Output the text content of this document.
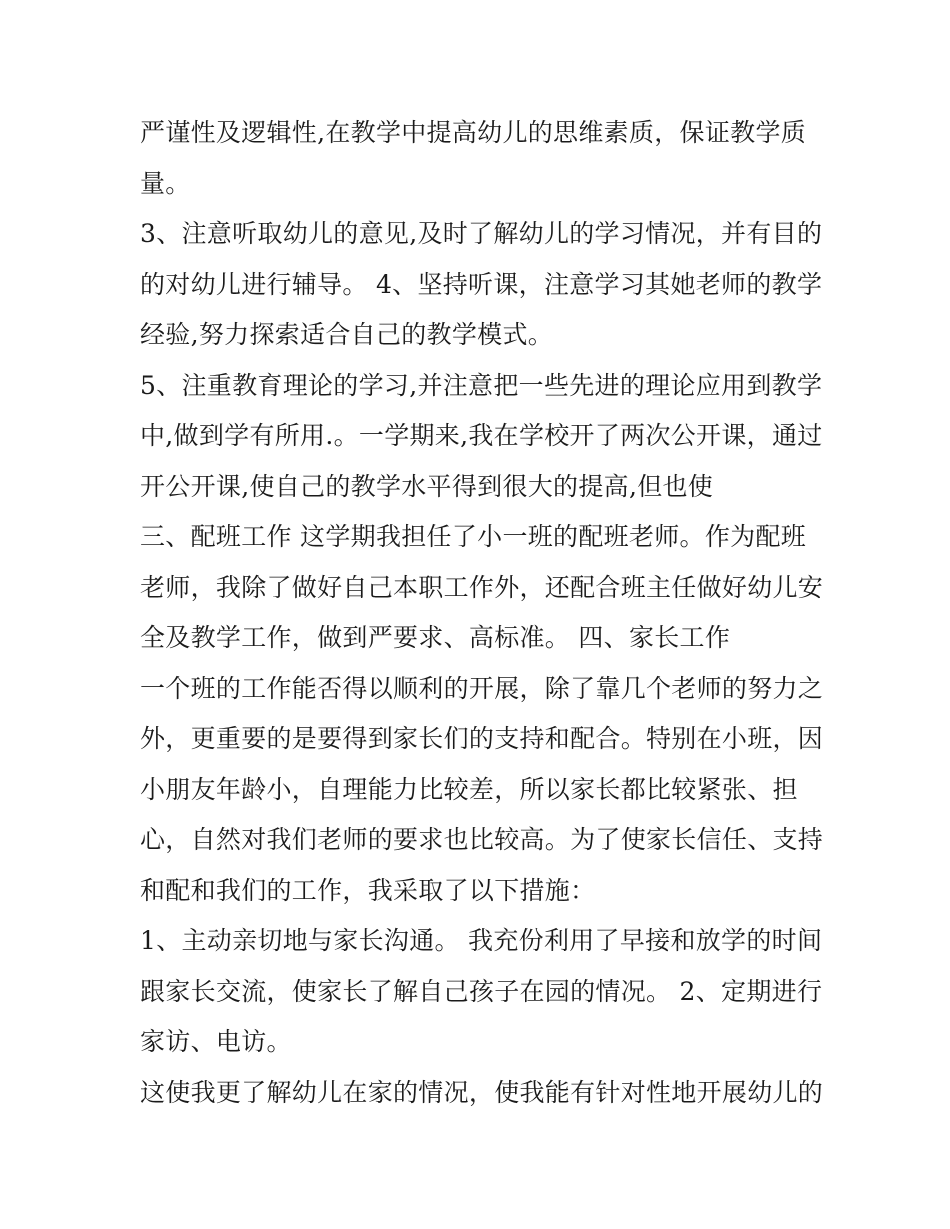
严谨性及逻辑性,在教学中提高幼儿的思维素质，保证教学质
量。
3、注意听取幼儿的意见,及时了解幼儿的学习情况，并有目的
的对幼儿进行辅导。 4、坚持听课，注意学习其她老师的教学
经验,努力探索适合自己的教学模式。
5、注重教育理论的学习,并注意把一些先进的理论应用到教学
中,做到学有所用.。一学期来,我在学校开了两次公开课，通过
开公开课,使自己的教学水平得到很大的提高,但也使
三、配班工作 这学期我担任了小一班的配班老师。作为配班
老师，我除了做好自己本职工作外，还配合班主任做好幼儿安
全及教学工作，做到严要求、高标准。 四、家长工作
一个班的工作能否得以顺利的开展，除了靠几个老师的努力之
外，更重要的是要得到家长们的支持和配合。特别在小班，因
小朋友年龄小，自理能力比较差，所以家长都比较紧张、担
心，自然对我们老师的要求也比较高。为了使家长信任、支持
和配和我们的工作，我采取了以下措施：
1、主动亲切地与家长沟通。 我充份利用了早接和放学的时间
跟家长交流，使家长了解自己孩子在园的情况。 2、定期进行
家访、电访。
这使我更了解幼儿在家的情况，使我能有针对性地开展幼儿的
